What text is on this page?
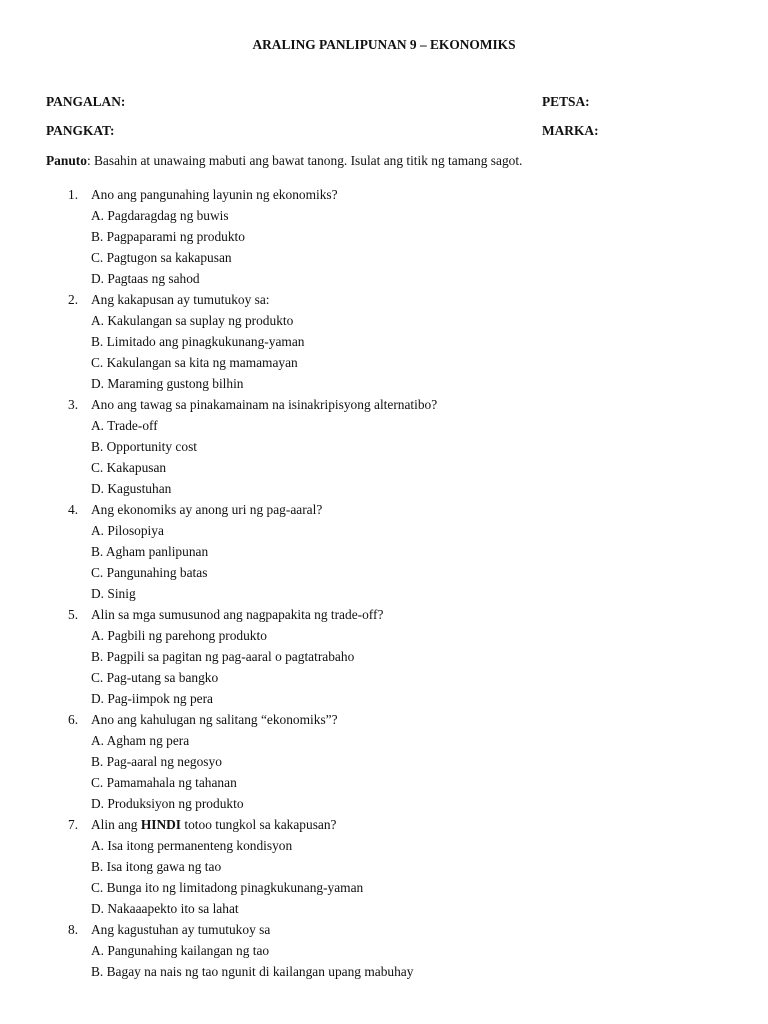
ARALING PANLIPUNAN 9 – EKONOMIKS
PANGALAN:	PETSA:
PANGKAT:	MARKA:
Panuto: Basahin at unawaing mabuti ang bawat tanong. Isulat ang titik ng tamang sagot.
1. Ano ang pangunahing layunin ng ekonomiks?
A. Pagdaragdag ng buwis
B. Pagpaparami ng produkto
C. Pagtugon sa kakapusan
D. Pagtaas ng sahod
2. Ang kakapusan ay tumutukoy sa:
A. Kakulangan sa suplay ng produkto
B. Limitado ang pinagkukunang-yaman
C. Kakulangan sa kita ng mamamayan
D. Maraming gustong bilhin
3. Ano ang tawag sa pinakamainam na isinakripisyong alternatibo?
A. Trade-off
B. Opportunity cost
C. Kakapusan
D. Kagustuhan
4. Ang ekonomiks ay anong uri ng pag-aaral?
A. Pilosopiya
B. Agham panlipunan
C. Pangunahing batas
D. Sinig
5. Alin sa mga sumusunod ang nagpapakita ng trade-off?
A. Pagbili ng parehong produkto
B. Pagpili sa pagitan ng pag-aaral o pagtatrabaho
C. Pag-utang sa bangko
D. Pag-iimpok ng pera
6. Ano ang kahulugan ng salitang “ekonomiks”?
A. Agham ng pera
B. Pag-aaral ng negosyo
C. Pamamahala ng tahanan
D. Produksiyon ng produkto
7. Alin ang HINDI totoo tungkol sa kakapusan?
A. Isa itong permanenteng kondisyon
B. Isa itong gawa ng tao
C. Bunga ito ng limitadong pinagkukunang-yaman
D. Nakaaapekto ito sa lahat
8. Ang kagustuhan ay tumutukoy sa
A. Pangunahing kailangan ng tao
B. Bagay na nais ng tao ngunit di kailangan upang mabuhay
